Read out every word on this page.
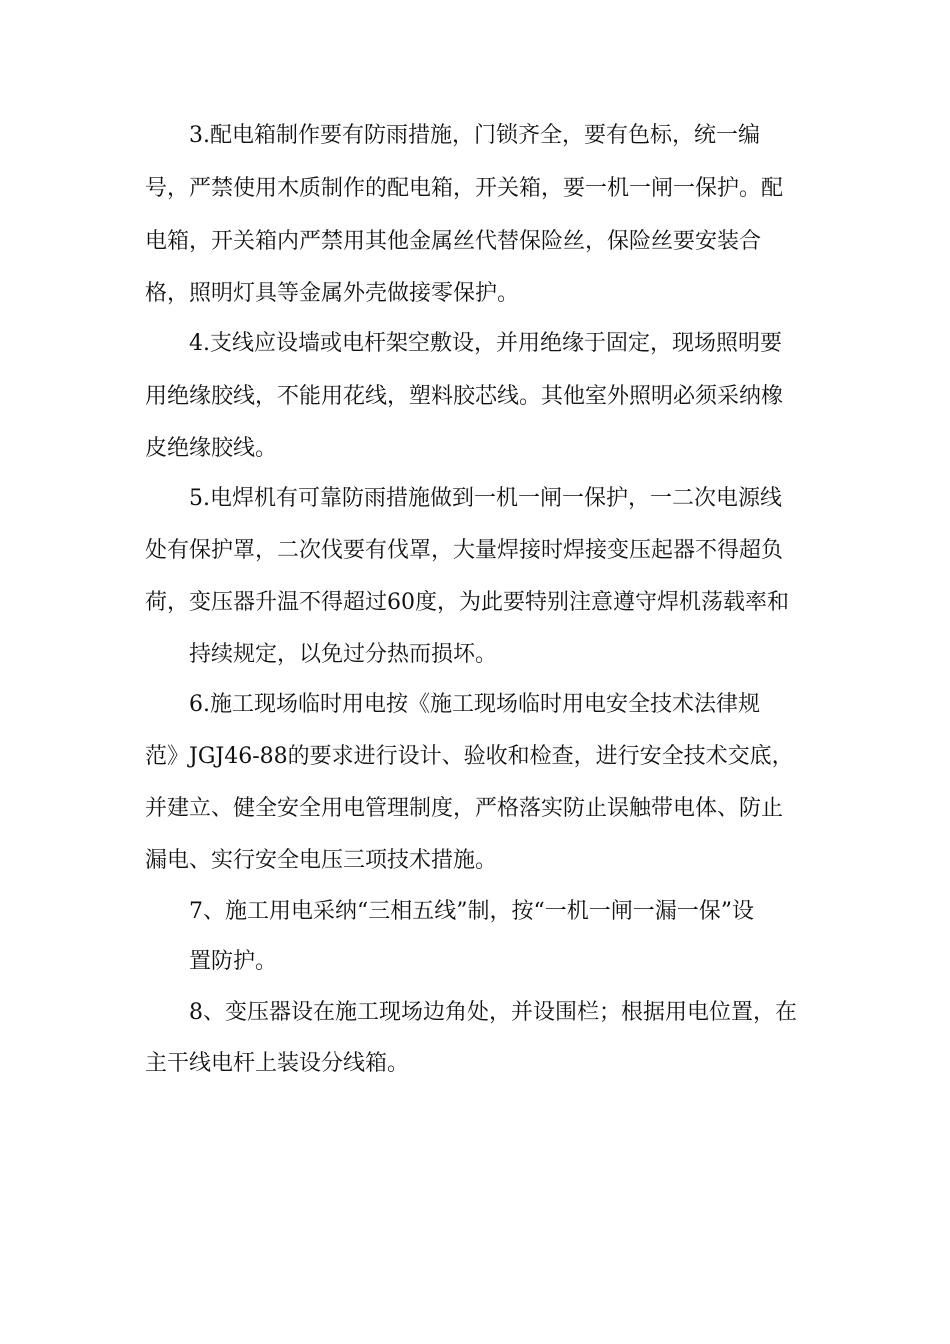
3.配电箱制作要有防雨措施，门锁齐全，要有色标，统一编

号，严禁使用木质制作的配电箱，开关箱，要一机一闸一保护。配

电箱，开关箱内严禁用其他金属丝代替保险丝，保险丝要安装合

格，照明灯具等金属外壳做接零保护。

4.支线应设墙或电杆架空敷设，并用绝缘于固定，现场照明要

用绝缘胶线，不能用花线，塑料胶芯线。其他室外照明必须采纳橡

皮绝缘胶线。

5.电焊机有可靠防雨措施做到一机一闸一保护，一二次电源线

处有保护罩，二次伐要有伐罩，大量焊接时焊接变压起器不得超负

荷，变压器升温不得超过60度，为此要特别注意遵守焊机荡载率和

持续规定，以免过分热而损坏。

6.施工现场临时用电按《施工现场临时用电安全技术法律规

范》JGJ46-88的要求进行设计、验收和检查，进行安全技术交底，

并建立、健全安全用电管理制度，严格落实防止误触带电体、防止

漏电、实行安全电压三项技术措施。

7、施工用电采纳“三相五线”制，按“一机一闸一漏一保”设

置防护。

8、变压器设在施工现场边角处，并设围栏；根据用电位置，在

主干线电杆上装设分线箱。
